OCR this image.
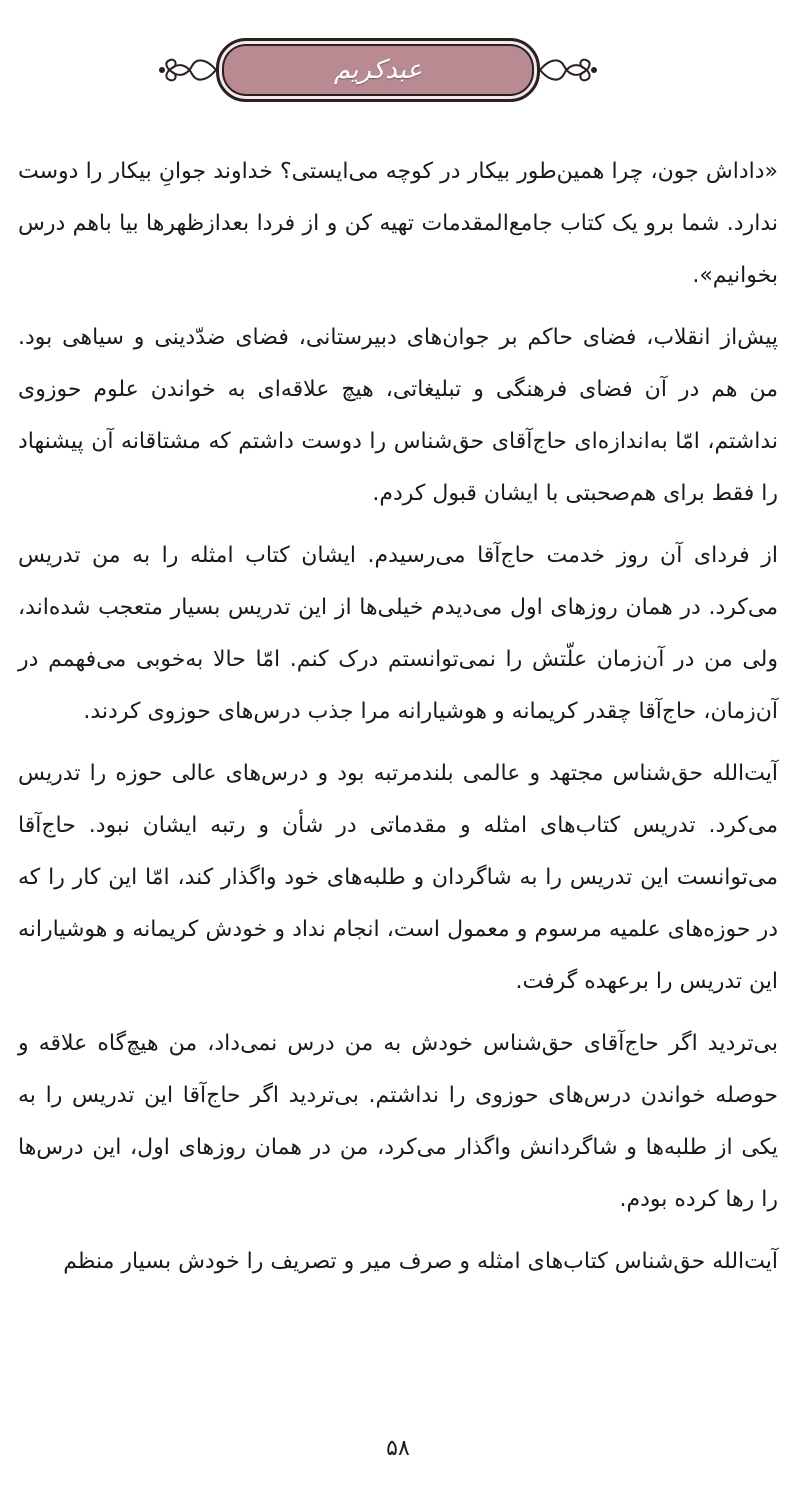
عبدکریم

«داداش جون، چرا همین‌طور بیکار در کوچه می‌ایستی؟ خداوند جوانِ بیکار را دوست ندارد. شما برو یک کتاب جامع‌المقدمات تهیه کن و از فردا بعدازظهرها بیا باهم درس بخوانیم».

پیش‌از انقلاب، فضای حاکم بر جوان‌های دبیرستانی، فضای ضدّدینی و سیاهی بود. من هم در آن فضای فرهنگی و تبلیغاتی، هیچ علاقه‌ای به خواندن علوم حوزوی نداشتم، امّا به‌اندازه‌ای حاج‌آقای حق‌شناس را دوست داشتم که مشتاقانه آن پیشنهاد را فقط برای هم‌صحبتی با ایشان قبول کردم.

از فردای آن روز خدمت حاج‌آقا می‌رسیدم. ایشان کتاب امثله را به من تدریس می‌کرد. در همان روزهای اول می‌دیدم خیلی‌ها از این تدریس بسیار متعجب شده‌اند، ولی من در آن‌زمان علّتش را نمی‌توانستم درک کنم. امّا حالا به‌خوبی می‌فهمم در آن‌زمان، حاج‌آقا چقدر کریمانه و هوشیارانه مرا جذب درس‌های حوزوی کردند.

آیت‌الله حق‌شناس مجتهد و عالمی بلندمرتبه بود و درس‌های عالی حوزه را تدریس می‌کرد. تدریس کتاب‌های امثله و مقدماتی در شأن و رتبه ایشان نبود. حاج‌آقا می‌توانست این تدریس را به شاگردان و طلبه‌های خود واگذار کند، امّا این کار را که در حوزه‌های علمیه مرسوم و معمول است، انجام نداد و خودش کریمانه و هوشیارانه این تدریس را برعهده گرفت.

بی‌تردید اگر حاج‌آقای حق‌شناس خودش به من درس نمی‌داد، من هیچ‌گاه علاقه و حوصله خواندن درس‌های حوزوی را نداشتم. بی‌تردید اگر حاج‌آقا این تدریس را به یکی از طلبه‌ها و شاگردانش واگذار می‌کرد، من در همان روزهای اول، این درس‌ها را رها کرده بودم.

آیت‌الله حق‌شناس کتاب‌های امثله و صرف میر و تصریف را خودش بسیار منظم

۵۸
